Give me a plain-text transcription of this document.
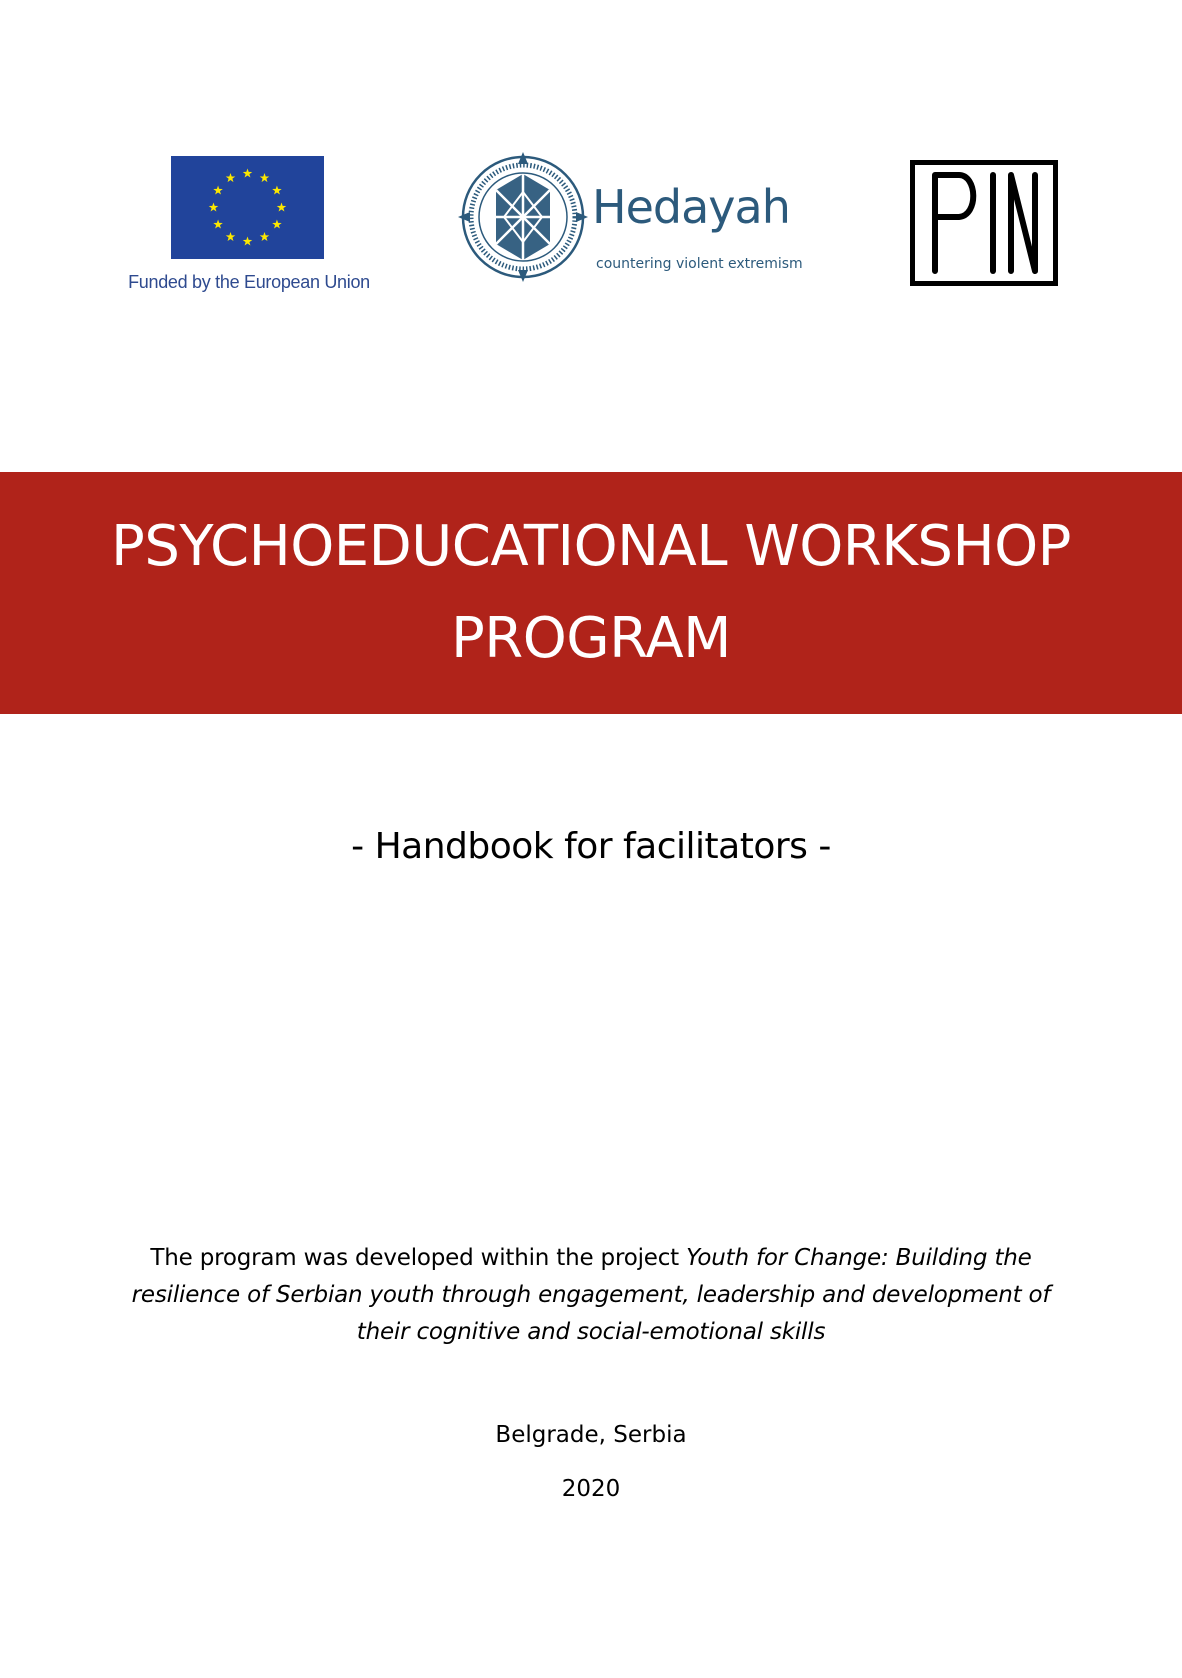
Funded by the European Union
Hedayah
countering violent extremism
PSYCHOEDUCATIONAL WORKSHOP
PROGRAM
- Handbook for facilitators -
The program was developed within the project Youth for Change: Building the resilience of Serbian youth through engagement, leadership and development of their cognitive and social-emotional skills
Belgrade, Serbia
2020
